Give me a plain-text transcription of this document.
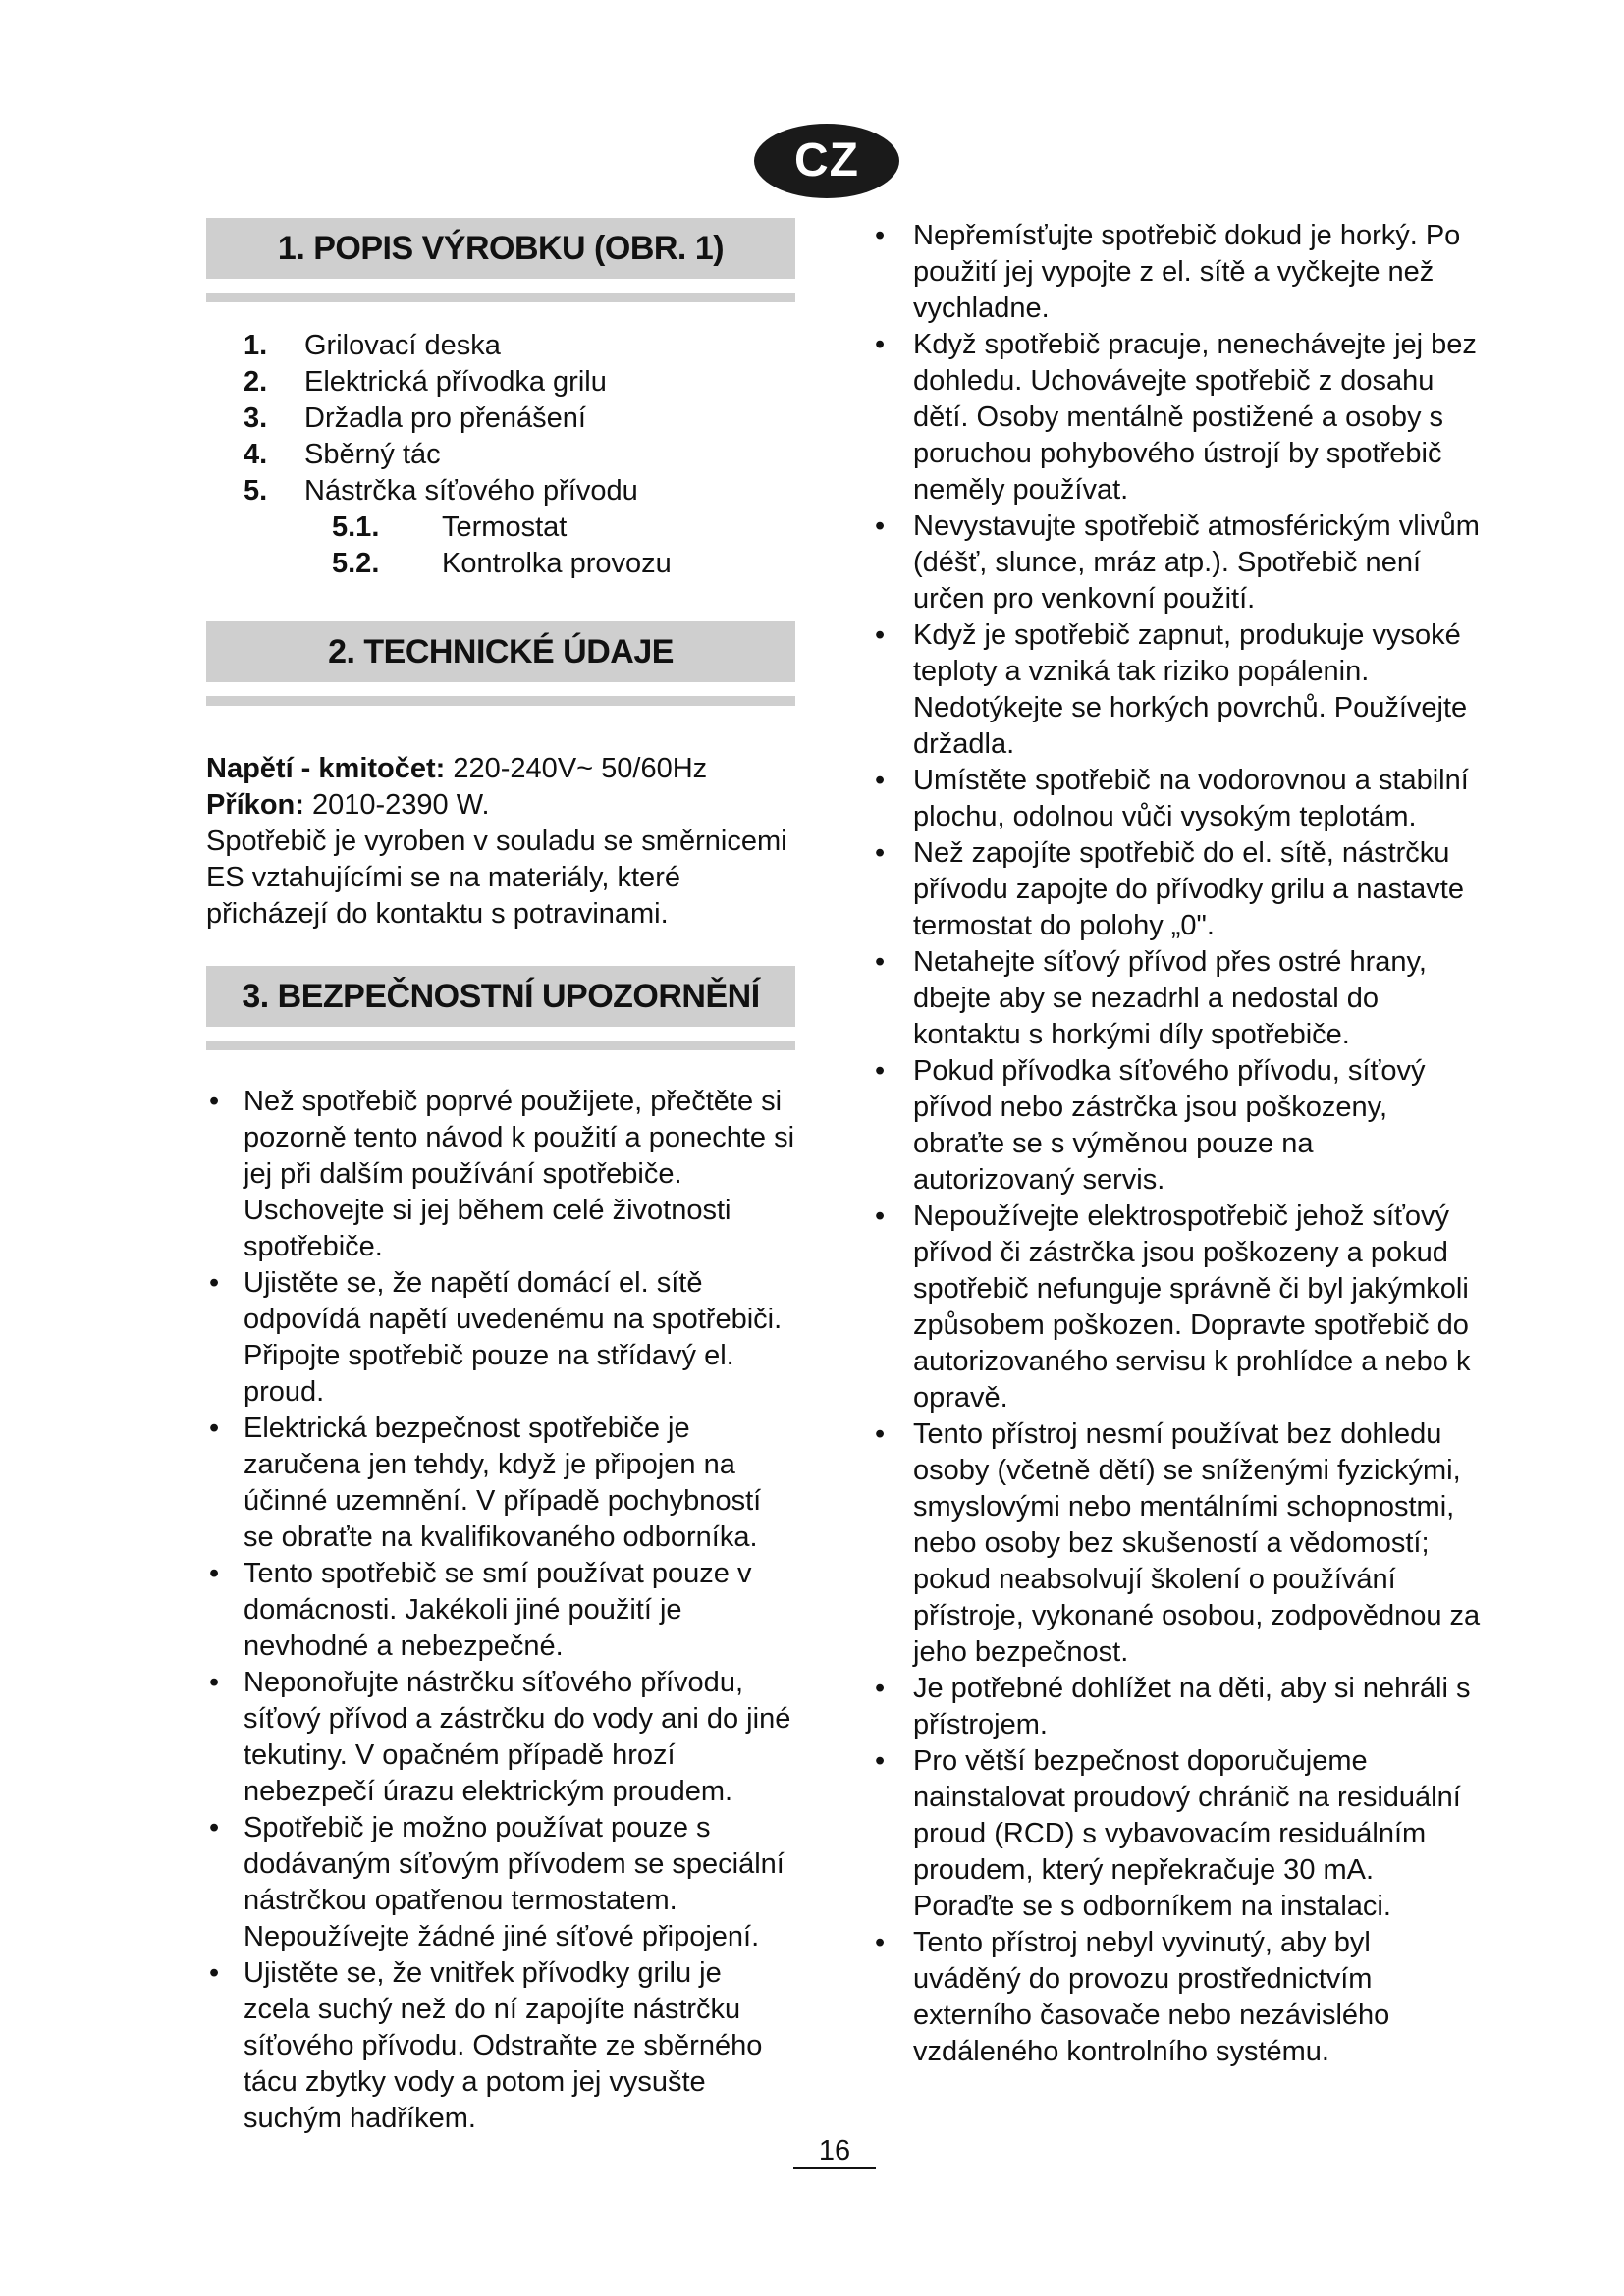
CZ
1. POPIS VÝROBKU (OBR. 1)
1.	Grilovací deska
2.	Elektrická přívodka grilu
3.	Držadla pro přenášení
4.	Sběrný tác
5.	Nástrčka síťového přívodu
5.1.	Termostat
5.2.	Kontrolka provozu
2. TECHNICKÉ ÚDAJE

Napětí - kmitočet: 220-240V~ 50/60Hz

Příkon: 2010-2390 W.

Spotřebič je vyroben v souladu se směrnicemi ES vztahujícími se na materiály, které přicházejí do kontaktu s potravinami.

3. BEZPEČNOSTNÍ UPOZORNĚNÍ
• Než spotřebič poprvé použijete, přečtěte si pozorně tento návod k použití a ponechte si jej při dalším používání spotřebiče. Uschovejte si jej během celé životnosti spotřebiče.
• Ujistěte se, že napětí domácí el. sítě odpovídá napětí uvedenému na spotřebiči. Připojte spotřebič pouze na střídavý el. proud.
• Elektrická bezpečnost spotřebiče je zaručena jen tehdy, když je připojen na účinné uzemnění. V případě pochybností se obraťte na kvalifikovaného odborníka.
• Tento spotřebič se smí používat pouze v domácnosti. Jakékoli jiné použití je nevhodné a nebezpečné.
• Neponořujte nástrčku síťového přívodu, síťový přívod a zástrčku do vody ani do jiné tekutiny. V opačném případě hrozí nebezpečí úrazu elektrickým proudem.
• Spotřebič je možno používat pouze s dodávaným síťovým přívodem se speciální nástrčkou opatřenou termostatem. Nepoužívejte žádné jiné síťové připojení.
• Ujistěte se, že vnitřek přívodky grilu je zcela suchý než do ní zapojíte nástrčku síťového přívodu. Odstraňte ze sběrného tácu zbytky vody a potom jej vysušte suchým hadříkem.
• Nepřemísťujte spotřebič dokud je horký. Po použití jej vypojte z el. sítě a vyčkejte než vychladne.
• Když spotřebič pracuje, nenechávejte jej bez dohledu. Uchovávejte spotřebič z dosahu dětí. Osoby mentálně postižené a osoby s poruchou pohybového ústrojí by spotřebič neměly používat.
• Nevystavujte spotřebič atmosférickým vlivům (déšť, slunce, mráz atp.). Spotřebič není určen pro venkovní použití.
• Když je spotřebič zapnut, produkuje vysoké teploty a vzniká tak riziko popálenin. Nedotýkejte se horkých povrchů. Používejte držadla.
• Umístěte spotřebič na vodorovnou a stabilní plochu, odolnou vůči vysokým teplotám.
• Než zapojíte spotřebič do el. sítě, nástrčku přívodu zapojte do přívodky grilu a nastavte termostat do polohy „0".
• Netahejte síťový přívod přes ostré hrany, dbejte aby se nezadrhl a nedostal do kontaktu s horkými díly spotřebiče.
• Pokud přívodka síťového přívodu, síťový přívod nebo zástrčka jsou poškozeny, obraťte se s výměnou pouze na autorizovaný servis.
• Nepoužívejte elektrospotřebič jehož síťový přívod či zástrčka jsou poškozeny a pokud spotřebič nefunguje správně či byl jakýmkoli způsobem poškozen. Dopravte spotřebič do autorizovaného servisu k prohlídce a nebo k opravě.
• Tento přístroj nesmí používat bez dohledu osoby (včetně dětí) se sníženými fyzickými, smyslovými nebo mentálními schopnostmi, nebo osoby bez skušeností a vědomostí; pokud neabsolvují školení o používání přístroje, vykonané osobou, zodpovědnou za jeho bezpečnost.
• Je potřebné dohlížet na děti, aby si nehráli s přístrojem.
• Pro větší bezpečnost doporučujeme nainstalovat proudový chránič na residuální proud (RCD) s vybavovacím residuálním proudem, který nepřekračuje 30 mA. Poraďte se s odborníkem na instalaci.
• Tento přístroj nebyl vyvinutý, aby byl uváděný do provozu prostřednictvím externího časovače nebo nezávislého vzdáleného kontrolního systému.
16
